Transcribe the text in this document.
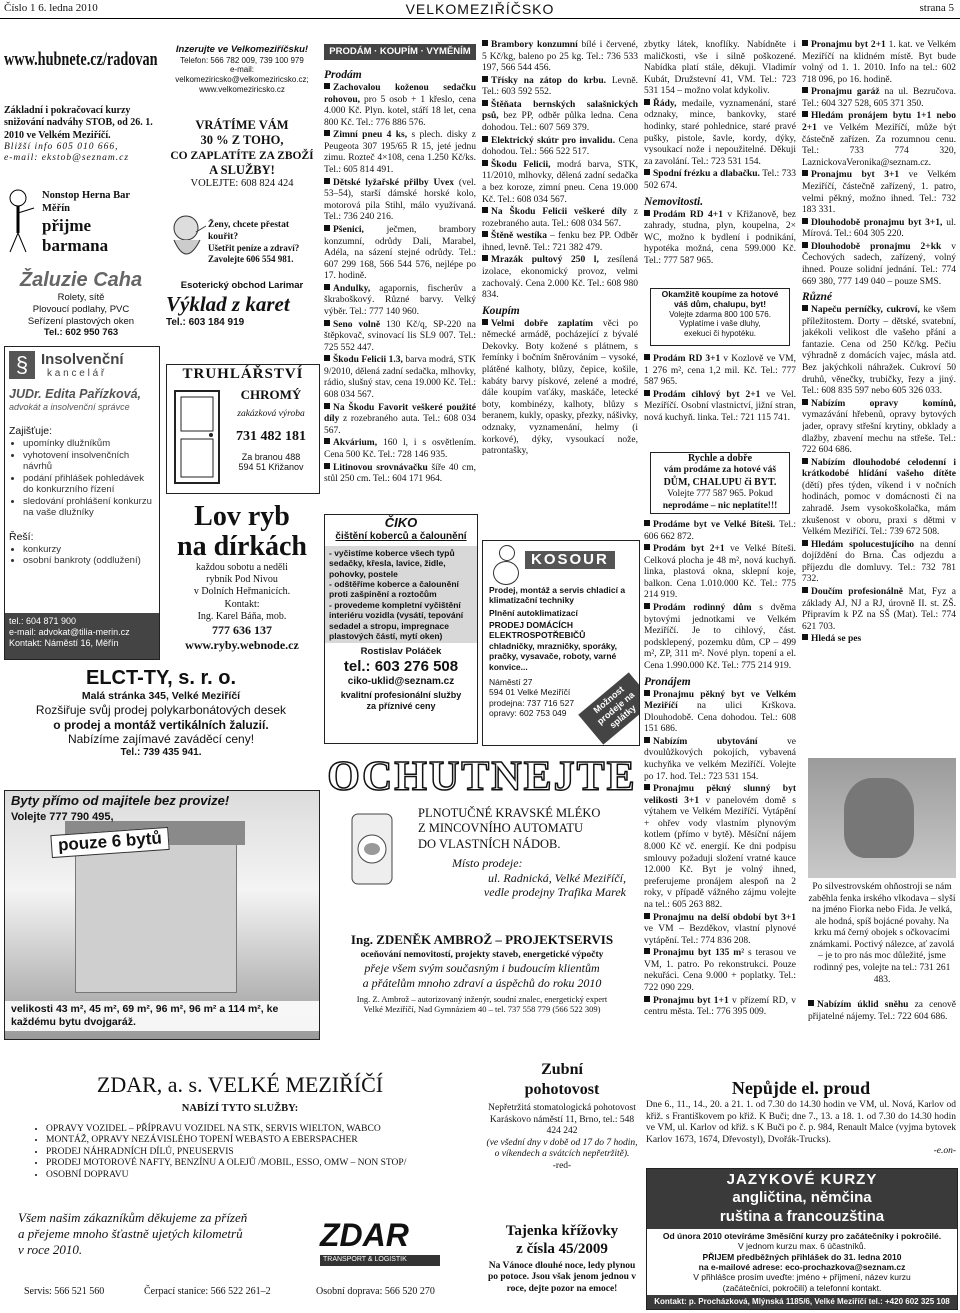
Číslo 1 6. ledna 2010	VELKOMEZIŘÍČSKO	strana 5
www.hubnete.cz/radovan
Základní i pokračovací kurzy snižování nadváhy STOB, od 26. 1. 2010 ve Velkém Meziříčí.
Bližší info 605 010 666,
e-mail: ekstob@seznam.cz
Nonstop Herna Bar Měřín
přijme barmana
Žaluzie Caha
Rolety, sítě
Plovoucí podlahy, PVC
Seřízení plastových oken
Tel.: 602 950 763
§ Insolvenční
k a n c e l á ř
JUDr. Edita Pařízková,
advokát a insolvenční správce
Zajišťuje:
• upomínky dlužníkům
• vyhotovení insolvenčních návrhů
• podání přihlášek pohledávek do konkurzního řízení
• sledování prohlášení konkurzu na vaše dlužníky
Řeší:
• konkurzy
• osobní bankroty (oddlužení)
tel.: 604 871 900
e-mail: advokat@tilia-merin.cz
Kontakt: Náměstí 16, Měřín
Inzerujte ve Velkomeziříčsku!
Telefon: 566 782 009, 739 100 979
e-mail:
velkomeziricsko@velkomeziricsko.cz;
www.velkomeziricsko.cz
VRÁTÍME VÁM
30 % Z TOHO,
CO ZAPLATÍTE ZA ZBOŽÍ
A SLUŽBY!
VOLEJTE: 608 824 424
Ženy, chcete přestat kouřit?
Ušetřit peníze a zdraví?
Zavolejte 606 554 981.
Esoterický obchod Larimar
Výklad z karet
Tel.: 603 184 919
TRUHLÁŘSTVÍ
CHROMÝ
zakázková výroba
731 482 181
Za branou 488
594 51 Křižanov
Lov ryb
na dírkách
každou sobotu a neděli
rybník Pod Nivou
v Dolních Heřmanicích.
Kontakt:
Ing. Karel Báňa, mob.
777 636 137
www.ryby.webnode.cz
ELCT-TY, s. r. o.
Malá stránka 345, Velké Meziříčí
Rozšiřuje svůj prodej polykarbonátových desek
o prodej a montáž vertikálních žaluzií.
Nabízíme zajímavé zaváděcí ceny!
Tel.: 739 435 941.
Byty přímo od majitele bez provize!
Volejte 777 790 495,
pouze 6 bytů
velikosti 43 m², 45 m², 69 m², 96 m², 96 m² a 114 m², ke každému bytu dvojgaráž.
PRODÁM · KOUPÍM · VYMĚNÍM
Prodám

Zachovalou koženou sedačku rohovou, pro 5 osob + 1 křeslo, cena 4.000 Kč. Plyn. kotel, stáří 18 let, cena 800 Kč. Tel.: 776 886 576.

Zimní pneu 4 ks, s plech. disky z Peugeota 307 195/65 R 15, jeté jednu zimu. Rozteč 4×108, cena 1.250 Kč/ks. Tel.: 605 814 491.

Dětské lyžařské přilby Uvex (vel. 53–54), starší dámské horské kolo, motorová pila Stihl, málo využívaná. Tel.: 736 240 216.

Pšenici, ječmen, brambory konzumní, odrůdy Dali, Marabel, Adéla, na sázení stejné odrůdy. Tel.: 607 299 168, 566 544 576, nejlépe po 17. hodině.

Andulky, agapornis, fischerův a škraboškový. Různé barvy. Velký výběr. Tel.: 777 140 960.

Seno volně 130 Kč/q, SP-220 na štěpkovač, svinovací lis SL9 007. Tel.: 725 552 447.

Škodu Felicii 1.3, barva modrá, STK 9/2010, dělená zadní sedačka, mlhovky, rádio, slušný stav, cena 19.000 Kč. Tel.: 608 034 567.

Na Škodu Favorit veškeré použité díly z rozebraného auta. Tel.: 608 034 567.

Akvárium, 160 l, i s osvětlením. Cena 500 Kč. Tel.: 728 146 935.

Litinovou srovnávačku šíře 40 cm, stůl 250 cm. Tel.: 604 171 964.

ČIKO
čištění koberců a čalounění
- vyčistíme koberce všech typů sedačky, křesla, lavice, židle, pohovky, postele
- odštěříme koberce a čalounění proti zašpinění a roztočům
- provedeme kompletní vyčištění interiéru vozidla (vysátí, tepování sedadel a stropu, impregnace plastových částí, mytí oken)
Rostislav Poláček
tel.: 603 276 508
ciko-uklid@seznam.cz
kvalitní profesionální služby
za příznivé ceny

Brambory konzumní bílé i červené, 5 Kč/kg, baleno po 25 kg. Tel.: 736 533 197, 566 544 456.

Třísky na zátop do krbu. Levně. Tel.: 603 592 552.

Štěňata bernských salašnických psů, bez PP, odběr půlka ledna. Cena dohodou. Tel.: 607 569 379.

Elektrický skútr pro invalidu. Cena dohodou. Tel.: 566 522 517.

Škodu Felicii, modrá barva, STK, 11/2010, mlhovky, dělená zadní sedačka a bez koroze, zimní pneu. Cena 19.000 Kč. Tel.: 608 034 567.

Na Škodu Felicii veškeré díly z rozebraného auta. Tel.: 608 034 567.

Štěně westíka – fenku bez PP. Odběr ihned, levně. Tel.: 721 382 479.

Mrazák pultový 250 l, zesílená izolace, ekonomický provoz, velmi zachovalý. Cena 2.000 Kč. Tel.: 608 980 834.

Koupím

Velmi dobře zaplatím věci po německé armádě, pocházející z bývalé Dekovky. Boty kožené s plátnem, s řemínky i bočním šněrováním – vysoké, plátěné kalhoty, blůzy, čepice, košile, kabáty barvy pískové, zelené a modré, dále koupím vaťáky, maskáče, letecké boty, kombinézy, kalhoty, blůzy s beranem, kukly, opasky, přezky, nášivky, odznaky, vyznamenání, helmy (i korkové), dýky, vysoukací nože, patrontašky,

KOSOUR
Prodej, montáž a servis chladicí a klimatizační techniky
Plnění autoklimatizací
PRODEJ DOMÁCÍCH ELEKTROSPOTŘEBIČŮ chladničky, mrazničky, sporáky, pračky, vysavače, roboty, varné konvice...
Náměstí 27
594 01 Velké Meziříčí
prodejna: 737 716 527
opravy: 602 753 049	Možnost prodeje na splátky

zbytky látek, knoflíky. Nabídněte i maličkosti, vše i silně poškozené. Nabídka platí stále, děkuji. Vladimír Kubát, Družstevní 41, VM. Tel.: 723 531 154 – možno volat kdykoliv.

Řády, medaile, vyznamenání, staré odznaky, mince, bankovky, staré hodinky, staré pohlednice, staré pravé pušky, pistole, šavle, kordy, dýky, vysoukací nože i nepoužitelné. Děkuji za zavolání. Tel.: 723 531 154.

Spodní frézku a dlabačku. Tel.: 733 502 674.

Nemovitosti.

Prodám RD 4+1 v Křižanově, bez zahrady, studna, plyn, koupelna, 2× WC, možno k bydlení i podnikání, hypotéka možná, cena 599.000 Kč. Tel.: 777 587 965.

Okamžitě koupíme za hotové
váš dům, chalupu, byt!
Volejte zdarma 800 100 576.
Vyplatíme i vaše dluhy,
exekuci či hypotéku.

Prodám RD 3+1 v Kozlově ve VM, 1 276 m², cena 1,2 mil. Kč. Tel.: 777 587 965.

Prodám cihlový byt 2+1 ve Vel. Meziříčí. Osobní vlastnictví, jižní stran, nová kuchyň. linka. Tel.: 721 115 741.

Rychle a dobře
vám prodáme za hotové váš
DŮM, CHALUPU či BYT.
Volejte 777 587 965. Pokud
neprodáme – nic neplatíte!!!

Prodáme byt ve Velké Bíteši. Tel.: 606 662 872.

Prodám byt 2+1 ve Velké Bíteši. Celková plocha je 48 m², nová kuchyň. linka, plastová okna, sklepní koje, balkon. Cena 1.010.000 Kč. Tel.: 775 214 919.

Prodám rodinný dům s dvěma bytovými jednotkami ve Velkém Meziříčí. Je to cihlový, část. podsklepený, pozemku dům, CP – 499 m², ZP, 311 m². Nové plyn. topení a el. Cena 1.990.000 Kč. Tel.: 775 214 919.

Pronájem

Pronajmu pěkný byt ve Velkém Meziříčí na ulici Krškova. Dlouhodobě. Cena dohodou. Tel.: 608 151 686.

Nabízím ubytování	ve dvoulůžkových pokojích, vybavená kuchyňka ve velkém Meziříčí. Volejte po 17. hod. Tel.: 723 531 154.

Pronajmu pěkný slunný byt velikosti 3+1 v panelovém domě s výtahem ve Velkém Meziříčí. Vytápění + ohřev vody vlastním plynovým kotlem (přímo v bytě). Měsíční nájem 8.000 Kč vč. energií. Ke dni podpisu smlouvy požaduji složení vratné kauce 12.000 Kč. Byt je volný ihned, preferujeme pronájem alespoň na 2 roky, v případě vážného zájmu volejte na tel.: 605 263 882.

Pronajmu na delší období byt 3+1 ve VM – Bezděkov, vlastní plynové vytápění. Tel.: 774 836 208.

Pronajmu byt 135 m² s terasou ve VM, 1. patro. Po rekonstrukci. Pouze nekuřáci. Cena 9.000 + poplatky. Tel.: 722 090 229.

Pronajmu byt 1+1 v přízemí RD, v centru města. Tel.: 776 395 009.

Pronajmu byt 2+1 1. kat. ve Velkém Meziříčí na klidném místě. Byt bude volný od 1. 1. 2010. Info na tel.: 602 718 096, po 16. hodině.

Pronajmu garáž na ul. Bezručova. Tel.: 604 327 528, 605 371 350.

Hledám pronájem bytu 1+1 nebo 2+1 ve Velkém Meziříčí, může být částečně zařízen. Za rozumnou cenu. Tel.: 733 774 320, LaznickovaVeronika@seznam.cz.

Pronajmu byt 3+1 ve Velkém Meziříčí, částečně zařízený, 1. patro, velmi pěkný, možno ihned. Tel.: 732 183 331.

Dlouhodobě pronajmu byt 3+1, ul. Mírová. Tel.: 604 305 220.

Dlouhodobě pronajmu 2+kk v Čechových sadech, zařízený, volný ihned. Pouze solidní jednání. Tel.: 774 669 380, 777 149 040 – pouze SMS.

Různé

Napeču perníčky, cukroví, ke všem příležitostem. Dorty – dětské, svatební, jakékoli velikost dle vašeho přání a fantazie. Cena od 250 Kč/kg. Pečiu výhradně z domácích vajec, másla atd. Bez jakýchkoli náhražek. Cukroví 50 druhů, věnečky, trubičky, řezy a jiný. Tel.: 608 835 597 nebo 605 326 033.

Nabízím opravy komínů, vymazávání hřebenů, opravy bytových jader, opravy střešní krytiny, obklady a dlažby, zbavení mechu na střeše. Tel.: 722 604 686.

Nabízím dlouhodobé celodenní i krátkodobé hlídání vašeho dítěte (dětí) přes týden, víkend i v nočních hodinách, pomoc v domácnosti či na zahradě. Jsem vysokoškolačka, mám zkušenost v oboru, praxi s dětmi v Velkém Meziříčí. Tel.: 739 672 508.

Hledám spolucestujícího na denní dojíždění do Brna. Čas odjezdu a příjezdu dle domluvy. Tel.: 732 781 732.

Doučím profesionálně Mat, Fyz a základy AJ, NJ a RJ, úrovně II. st. ZŠ. Připravím k PZ na SŠ (Mat). Tel.: 774 621 703.

Hledá se pes

Po silvestrovském ohňostroji se nám zaběhla fenka irského vlkodava – slyší na jméno Fiorka nebo Fida. Je velká, ale hodná, spíš bojácné povahy. Na krku má černý obojek s očkovacími známkami. Poctivý nálezce, ať zavolá – je to pro nás moc důležité, jsme rodinný pes, volejte na tel.: 731 261 483.

Nabízím úklid sněhu za cenově přijatelné nájemy. Tel.: 722 604 686.

OCHUTNEJTE
PLNOTUČNÉ KRAVSKÉ MLÉKO
Z MINCOVNÍHO AUTOMATU
DO VLASTNÍCH NÁDOB.
Místo prodeje:
ul. Radnická, Velké Meziříčí,
vedle prodejny Trafika Marek
Ing. ZDENĚK AMBROŽ – PROJEKTSERVIS
oceňování nemovitostí, projekty staveb, energetické výpočty
přeje všem svým současným i budoucím klientům
a přátelům mnoho zdraví a úspěchů do roku 2010
Ing. Z. Ambrož – autorizovaný inženýr, soudní znalec, energetický expert
Velké Meziříčí, Nad Gymnáziem 40 – tel. 737 558 779 (566 522 309)
ZDAR, a. s. VELKÉ MEZIŘÍČÍ
NABÍZÍ TYTO SLUŽBY:
• OPRAVY VOZIDEL – PŘÍPRAVU VOZIDEL NA STK, SERVIS WIELTON, WABCO
• MONTÁŽ, OPRAVY NEZÁVISLÉHO TOPENÍ WEBASTO A EBERSPACHER
• PRODEJ NÁHRADNÍCH DÍLŮ, PNEUSERVIS
• PRODEJ MOTOROVÉ NAFTY, BENZÍNU A OLEJŮ /MOBIL, ESSO, OMW – NON STOP/
• OSOBNÍ DOPRAVU
Všem našim zákazníkům děkujeme za přízeň
a přejeme mnoho šťastně ujetých kilometrů
v roce 2010.	ZDAR
TRANSPORT & LOGISTIK
Servis: 566 521 560	Čerpací stanice: 566 522 261–2	Osobní doprava: 566 520 270
Zubní
pohotovost
Nepřetržitá stomatologická pohotovost Karáskovo náměstí 11, Brno, tel.: 548 424 242
(ve všední dny v době od 17 do 7 hodin, o víkendech a svátcích nepřetržitě).
-red-
Tajenka křížovky
z čísla 45/2009
Na Vánoce dlouhé noce, ledy plynou po potoce. Jsou však jenom jednou v roce, dejte pozor na emoce!
Nepůjde el. proud
Dne 6., 11., 14., 20. a 21. 1. od 7.30 do 14.30 hodin ve VM, ul. Nová, Karlov od křiž. s Františkovem po křiž. K Buči; dne 7., 13. a 18. 1. od 7.30 do 14.30 hodin ve VM, ul. Karlov od křiž. s K Buči po č. p. 984, Renault Malce (vyjma bytovek Karlov 1673, 1674, Dřevostyl), Dvořák-Trucks).
-e.on-
JAZYKOVÉ KURZY
angličtina, němčina
ruština a francouzština
Od února 2010 otevíráme 3měsíční kurzy pro začátečníky i pokročilé.
V jednom kurzu max. 6 účastníků.
PŘIJEM předběžných přihlášek do 31. ledna 2010
na e-mailové adrese: eco-prochazkova@seznam.cz
V přihlášce prosím uveďte: jméno + příjmení, název kurzu
(začátečníci, pokročilí) a telefonní kontakt.
Kontakt: p. Procházková, Mlýnská 1185/6, Velké Meziříčí tel.: +420 602 325 108
